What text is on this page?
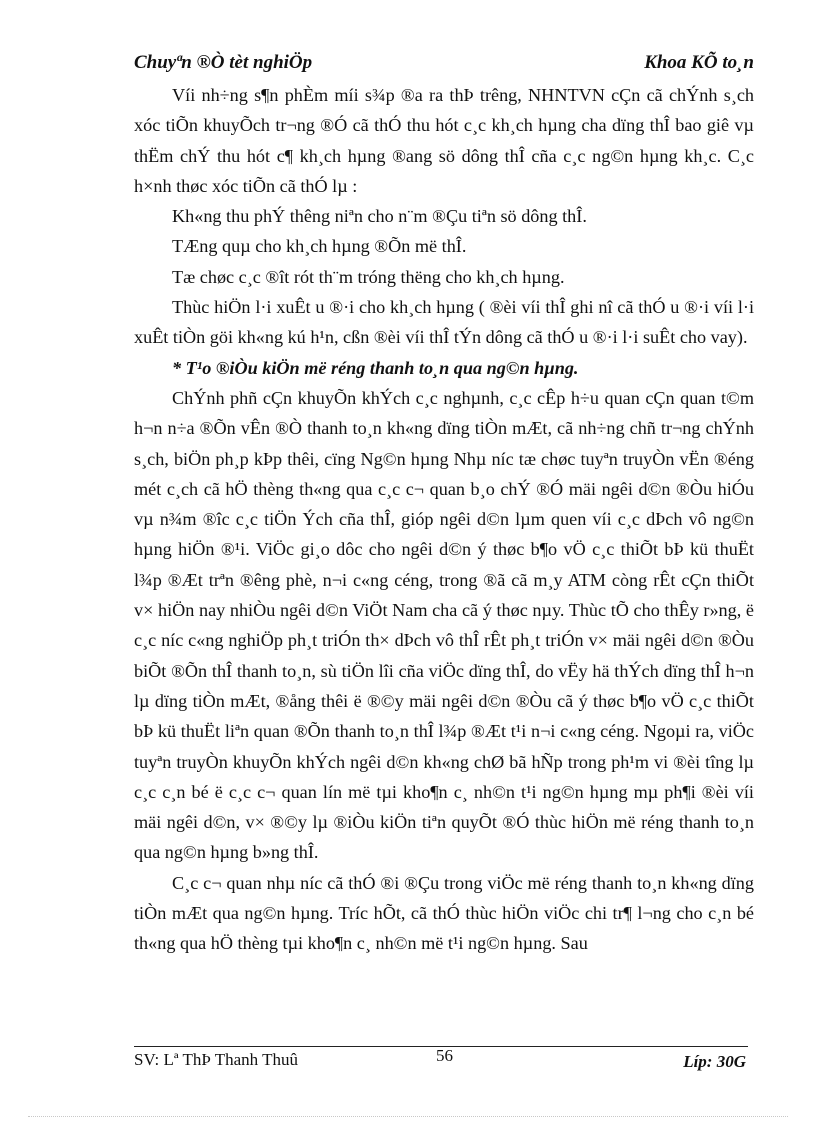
Chuyªn ®Ò tèt nghiÖp	Khoa KÕ to¸n

Víi nh÷ng s¶n phÈm míi s¾p ®a ra thÞ trêng, NHNTVN cÇn cã chÝnh s¸ch xóc tiÕn khuyÕch tr¬ng ®Ó cã thÓ thu hót c¸c kh¸ch hµng cha dïng thÎ bao giê vµ thËm chÝ thu hót c¶ kh¸ch hµng ®ang sö dông thÎ cña c¸c ng©n hµng kh¸c. C¸c h×nh thøc xóc tiÕn cã thÓ lµ :

Kh«ng thu phÝ thêng niªn cho n¨m ®Çu tiªn sö dông thÎ.

TÆng quµ cho kh¸ch hµng ®Õn më thÎ.

Tæ chøc c¸c ®ît rót th¨m tróng thëng cho kh¸ch hµng.

Thùc hiÖn l·i xuÊt u ®·i cho kh¸ch hµng ( ®èi víi thÎ ghi nî cã thÓ u ®·i víi l·i xuÊt tiÒn göi kh«ng kú h¹n, cßn ®èi víi thÎ tÝn dông cã thÓ u ®·i l·i suÊt cho vay).

* T¹o ®iÒu kiÖn më réng thanh to¸n qua ng©n hµng.

ChÝnh phñ cÇn khuyÕn khÝch c¸c nghµnh, c¸c cÊp h÷u quan cÇn quan t©m h¬n n÷a ®Õn vÊn ®Ò thanh to¸n kh«ng dïng tiÒn mÆt, cã nh÷ng chñ tr¬ng chÝnh s¸ch, biÖn ph¸p kÞp thêi, cïng Ng©n hµng Nhµ níc tæ chøc tuyªn truyÒn vËn ®éng mét c¸ch cã hÖ thèng th«ng qua c¸c c¬ quan b¸o chÝ ®Ó mäi ngêi d©n ®Òu hiÓu vµ n¾m ®îc c¸c tiÖn Ých cña thÎ, gióp ngêi d©n lµm quen víi c¸c dÞch vô ng©n hµng hiÖn ®¹i. ViÖc gi¸o dôc cho ngêi d©n ý thøc b¶o vÖ c¸c thiÕt bÞ kü thuËt l¾p ®Æt trªn ®êng phè, n¬i c«ng céng, trong ®ã cã m¸y ATM còng rÊt cÇn thiÕt v× hiÖn nay nhiÒu ngêi d©n ViÖt Nam cha cã ý thøc nµy. Thùc tÕ cho thÊy r»ng, ë c¸c níc c«ng nghiÖp ph¸t triÓn th× dÞch vô thÎ rÊt ph¸t triÓn v× mäi ngêi d©n ®Òu biÕt ®Õn thÎ thanh to¸n, sù tiÖn lîi cña viÖc dïng thÎ, do vËy hä thÝch dïng thÎ h¬n lµ dïng tiÒn mÆt, ®ång thêi ë ®©y mäi ngêi d©n ®Òu cã ý thøc b¶o vÖ c¸c thiÕt bÞ kü thuËt liªn quan ®Õn thanh to¸n thÎ l¾p ®Æt t¹i n¬i c«ng céng. Ngoµi ra, viÖc tuyªn truyÒn khuyÕn khÝch ngêi d©n kh«ng chØ bã hÑp trong ph¹m vi ®èi tîng lµ c¸c c¸n bé ë c¸c c¬ quan lín më tµi kho¶n c¸ nh©n t¹i ng©n hµng mµ ph¶i ®èi víi mäi ngêi d©n, v× ®©y lµ ®iÒu kiÖn tiªn quyÕt ®Ó thùc hiÖn më réng thanh to¸n qua ng©n hµng b»ng thÎ.

C¸c c¬ quan nhµ níc cã thÓ ®i ®Çu trong viÖc më réng thanh to¸n kh«ng dïng tiÒn mÆt qua ng©n hµng. Tríc hÕt, cã thÓ thùc hiÖn viÖc chi tr¶ l¬ng cho c¸n bé th«ng qua hÖ thèng tµi kho¶n c¸ nh©n më t¹i ng©n hµng. Sau

SV: Lª ThÞ Thanh Thuû	56	Líp: 30G
